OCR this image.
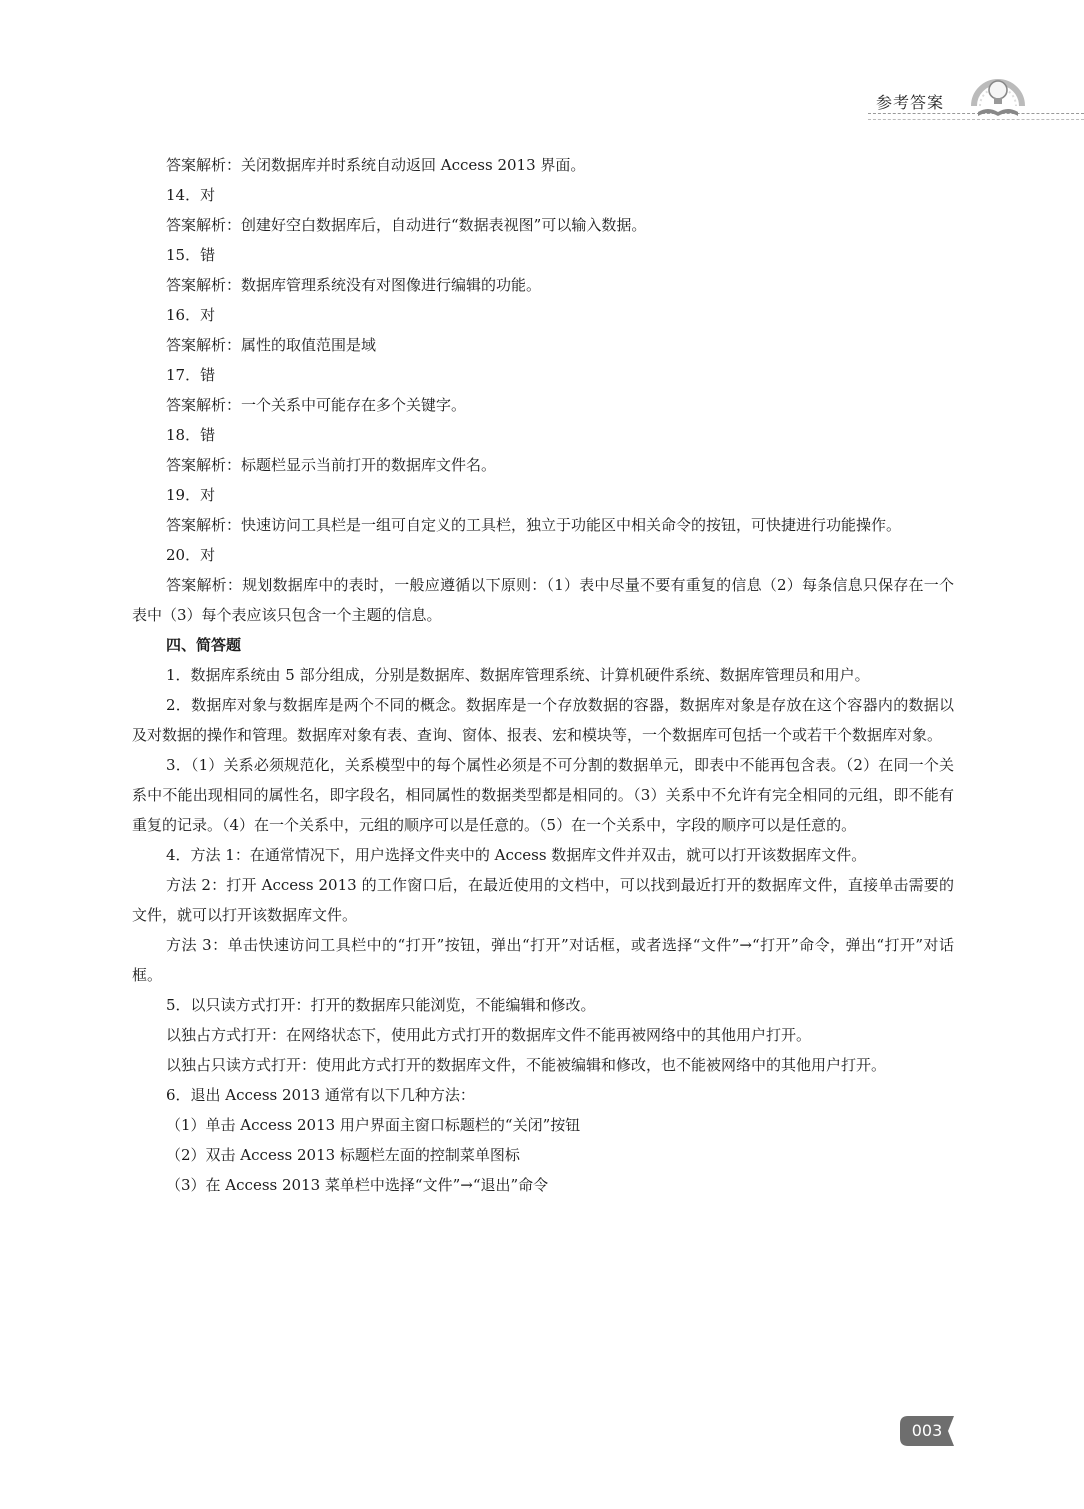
参考答案

答案解析：关闭数据库并时系统自动返回 Access 2013 界面。

14．对

答案解析：创建好空白数据库后，自动进行“数据表视图”可以输入数据。

15．错

答案解析：数据库管理系统没有对图像进行编辑的功能。

16．对

答案解析：属性的取值范围是域

17．错

答案解析：一个关系中可能存在多个关键字。

18．错

答案解析：标题栏显示当前打开的数据库文件名。

19．对

答案解析：快速访问工具栏是一组可自定义的工具栏，独立于功能区中相关命令的按钮，可快捷进行功能操作。

20．对

答案解析：规划数据库中的表时，一般应遵循以下原则：（1）表中尽量不要有重复的信息（2）每条信息只保存在一个表中（3）每个表应该只包含一个主题的信息。

四、简答题

1．数据库系统由 5 部分组成，分别是数据库、数据库管理系统、计算机硬件系统、数据库管理员和用户。

2．数据库对象与数据库是两个不同的概念。数据库是一个存放数据的容器，数据库对象是存放在这个容器内的数据以及对数据的操作和管理。数据库对象有表、查询、窗体、报表、宏和模块等，一个数据库可包括一个或若干个数据库对象。

3．（1）关系必须规范化，关系模型中的每个属性必须是不可分割的数据单元，即表中不能再包含表。（2）在同一个关系中不能出现相同的属性名，即字段名，相同属性的数据类型都是相同的。（3）关系中不允许有完全相同的元组，即不能有重复的记录。（4）在一个关系中，元组的顺序可以是任意的。（5）在一个关系中，字段的顺序可以是任意的。

4．方法 1：在通常情况下，用户选择文件夹中的 Access 数据库文件并双击，就可以打开该数据库文件。

方法 2：打开 Access 2013 的工作窗口后，在最近使用的文档中，可以找到最近打开的数据库文件，直接单击需要的文件，就可以打开该数据库文件。

方法 3：单击快速访问工具栏中的“打开”按钮，弹出“打开”对话框，或者选择“文件”→“打开”命令，弹出“打开”对话框。

5．以只读方式打开：打开的数据库只能浏览，不能编辑和修改。

以独占方式打开：在网络状态下，使用此方式打开的数据库文件不能再被网络中的其他用户打开。

以独占只读方式打开：使用此方式打开的数据库文件，不能被编辑和修改，也不能被网络中的其他用户打开。

6．退出 Access 2013 通常有以下几种方法：

（1）单击 Access 2013 用户界面主窗口标题栏的“关闭”按钮

（2）双击 Access 2013 标题栏左面的控制菜单图标

（3）在 Access 2013 菜单栏中选择“文件”→“退出”命令

003
